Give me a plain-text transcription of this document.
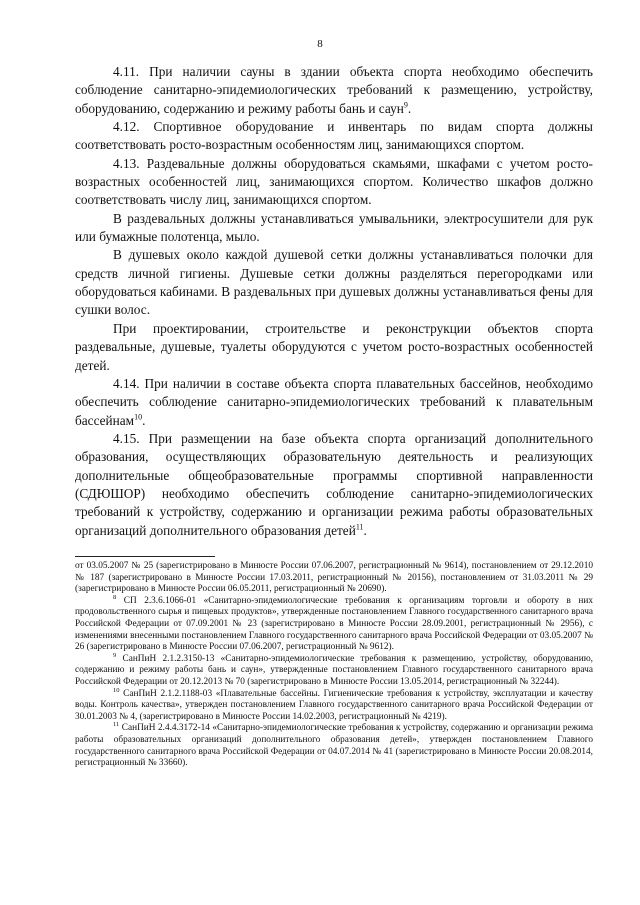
8

4.11. При наличии сауны в здании объекта спорта необходимо обеспечить соблюдение санитарно-эпидемиологических требований к размещению, устройству, оборудованию, содержанию и режиму работы бань и саун$^9$.

4.12. Спортивное оборудование и инвентарь по видам спорта должны соответствовать росто-возрастным особенностям лиц, занимающихся спортом.

4.13. Раздевальные должны оборудоваться скамьями, шкафами с учетом росто-возрастных особенностей лиц, занимающихся спортом. Количество шкафов должно соответствовать числу лиц, занимающихся спортом.

В раздевальных должны устанавливаться умывальники, электросушители для рук или бумажные полотенца, мыло.

В душевых около каждой душевой сетки должны устанавливаться полочки для средств личной гигиены. Душевые сетки должны разделяться перегородками или оборудоваться кабинами. В раздевальных при душевых должны устанавливаться фены для сушки волос.

При проектировании, строительстве и реконструкции объектов спорта раздевальные, душевые, туалеты оборудуются с учетом росто-возрастных особенностей детей.

4.14. При наличии в составе объекта спорта плавательных бассейнов, необходимо обеспечить соблюдение санитарно-эпидемиологических требований к плавательным бассейнам$^{10}$.

4.15. При размещении на базе объекта спорта организаций дополнительного образования, осуществляющих образовательную деятельность и реализующих дополнительные общеобразовательные программы спортивной направленности (СДЮШОР) необходимо обеспечить соблюдение санитарно-эпидемиологических требований к устройству, содержанию и организации режима работы образовательных организаций дополнительного образования детей$^{11}$.

от 03.05.2007 № 25 (зарегистрировано в Минюсте России 07.06.2007, регистрационный № 9614), постановлением от 29.12.2010 № 187 (зарегистрировано в Минюсте России 17.03.2011, регистрационный № 20156), постановлением от 31.03.2011 № 29 (зарегистрировано в Минюсте России 06.05.2011, регистрационный № 20690).

$^8$ СП 2.3.6.1066-01 «Санитарно-эпидемиологические требования к организациям торговли и обороту в них продовольственного сырья и пищевых продуктов», утвержденные постановлением Главного государственного санитарного врача Российской Федерации от 07.09.2001 № 23 (зарегистрировано в Минюсте России 28.09.2001, регистрационный № 2956), с изменениями внесенными постановлением Главного государственного санитарного врача Российской Федерации от 03.05.2007 № 26 (зарегистрировано в Минюсте России 07.06.2007, регистрационный № 9612).

$^9$ СанПиН 2.1.2.3150-13 «Санитарно-эпидемиологические требования к размещению, устройству, оборудованию, содержанию и режиму работы бань и саун», утвержденные постановлением Главного государственного санитарного врача Российской Федерации от 20.12.2013 № 70 (зарегистрировано в Минюсте России 13.05.2014, регистрационный № 32244).

$^{10}$ СанПиН 2.1.2.1188-03 «Плавательные бассейны. Гигиенические требования к устройству, эксплуатации и качеству воды. Контроль качества», утвержден постановлением Главного государственного санитарного врача Российской Федерации от 30.01.2003 № 4, (зарегистрировано в Минюсте России 14.02.2003, регистрационный № 4219).

$^{11}$ СанПиН 2.4.4.3172-14 «Санитарно-эпидемиологические требования к устройству, содержанию и организации режима работы образовательных организаций дополнительного образования детей», утвержден постановлением Главного государственного санитарного врача Российской Федерации от 04.07.2014 № 41 (зарегистрировано в Минюсте России 20.08.2014, регистрационный № 33660).
